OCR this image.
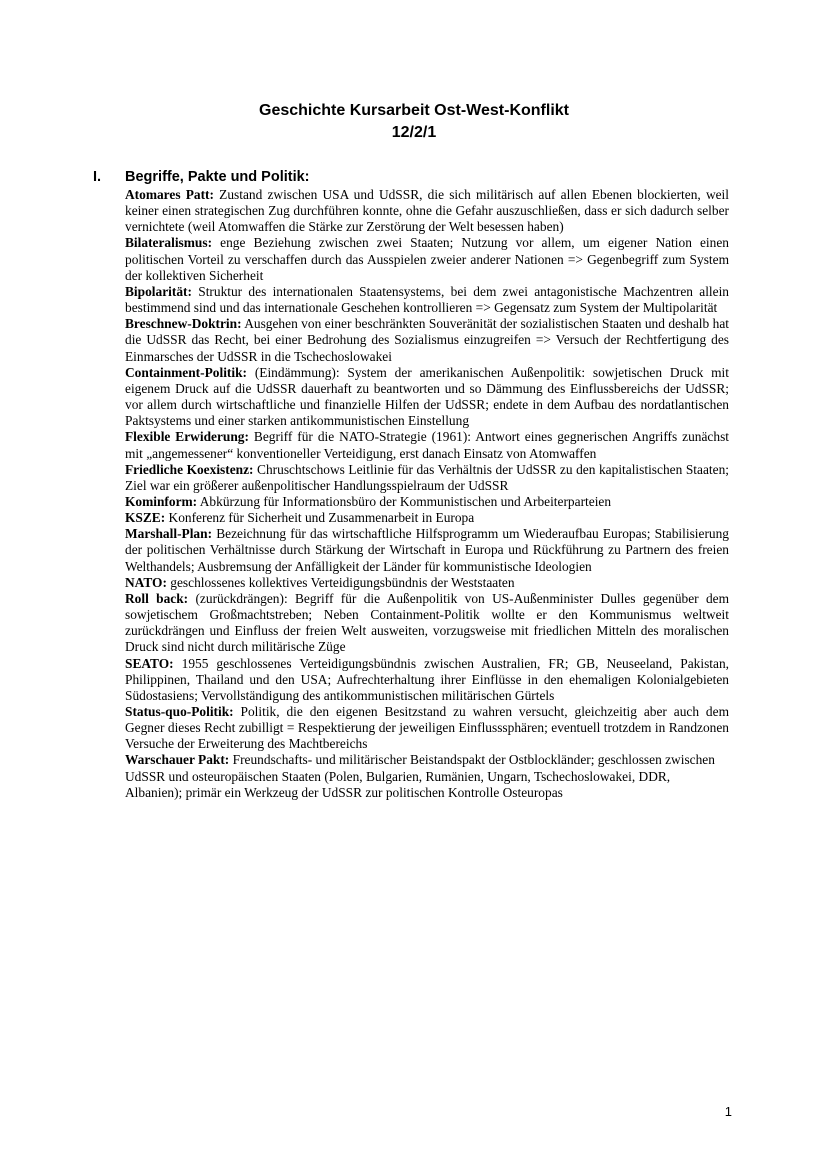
Geschichte Kursarbeit Ost-West-Konflikt
12/2/1
I. Begriffe, Pakte und Politik:

Atomares Patt: Zustand zwischen USA und UdSSR, die sich militärisch auf allen Ebenen blockierten, weil keiner einen strategischen Zug durchführen konnte, ohne die Gefahr auszuschließen, dass er sich dadurch selber vernichtete (weil Atomwaffen die Stärke zur Zerstörung der Welt besessen haben)

Bilateralismus: enge Beziehung zwischen zwei Staaten; Nutzung vor allem, um eigener Nation einen politischen Vorteil zu verschaffen durch das Ausspielen zweier anderer Nationen => Gegenbegriff zum System der kollektiven Sicherheit

Bipolarität: Struktur des internationalen Staatensystems, bei dem zwei antagonistische Machzentren allein bestimmend sind und das internationale Geschehen kontrollieren => Gegensatz zum System der Multipolarität

Breschnew-Doktrin: Ausgehen von einer beschränkten Souveränität der sozialistischen Staaten und deshalb hat die UdSSR das Recht, bei einer Bedrohung des Sozialismus einzugreifen => Versuch der Rechtfertigung des Einmarsches der UdSSR in die Tschechoslowakei

Containment-Politik: (Eindämmung): System der amerikanischen Außenpolitik: sowjetischen Druck mit eigenem Druck auf die UdSSR dauerhaft zu beantworten und so Dämmung des Einflussbereichs der UdSSR; vor allem durch wirtschaftliche und finanzielle Hilfen der UdSSR; endete in dem Aufbau des nordatlantischen Paktsystems und einer starken antikommunistischen Einstellung

Flexible Erwiderung: Begriff für die NATO-Strategie (1961): Antwort eines gegnerischen Angriffs zunächst mit „angemessener“ konventioneller Verteidigung, erst danach Einsatz von Atomwaffen

Friedliche Koexistenz: Chruschtschows Leitlinie für das Verhältnis der UdSSR zu den kapitalistischen Staaten; Ziel war ein größerer außenpolitischer Handlungsspielraum der UdSSR

Kominform: Abkürzung für Informationsbüro der Kommunistischen und Arbeiterparteien

KSZE: Konferenz für Sicherheit und Zusammenarbeit in Europa

Marshall-Plan: Bezeichnung für das wirtschaftliche Hilfsprogramm um Wiederaufbau Europas; Stabilisierung der politischen Verhältnisse durch Stärkung der Wirtschaft in Europa und Rückführung zu Partnern des freien Welthandels; Ausbremsung der Anfälligkeit der Länder für kommunistische Ideologien

NATO: geschlossenes kollektives Verteidigungsbündnis der Weststaaten

Roll back: (zurückdrängen): Begriff für die Außenpolitik von US-Außenminister Dulles gegenüber dem sowjetischem Großmachtstreben; Neben Containment-Politik wollte er den Kommunismus weltweit zurückdrängen und Einfluss der freien Welt ausweiten, vorzugsweise mit friedlichen Mitteln des moralischen Druck sind nicht durch militärische Züge

SEATO: 1955 geschlossenes Verteidigungsbündnis zwischen Australien, FR; GB, Neuseeland, Pakistan, Philippinen, Thailand und den USA; Aufrechterhaltung ihrer Einflüsse in den ehemaligen Kolonialgebieten Südostasiens; Vervollständigung des antikommunistischen militärischen Gürtels

Status-quo-Politik: Politik, die den eigenen Besitzstand zu wahren versucht, gleichzeitig aber auch dem Gegner dieses Recht zubilligt = Respektierung der jeweiligen Einflusssphären; eventuell trotzdem in Randzonen Versuche der Erweiterung des Machtbereichs

Warschauer Pakt: Freundschafts- und militärischer Beistandspakt der Ostblockländer; geschlossen zwischen UdSSR und osteuropäischen Staaten (Polen, Bulgarien, Rumänien, Ungarn, Tschechoslowakei, DDR, Albanien); primär ein Werkzeug der UdSSR zur politischen Kontrolle Osteuropas

1
